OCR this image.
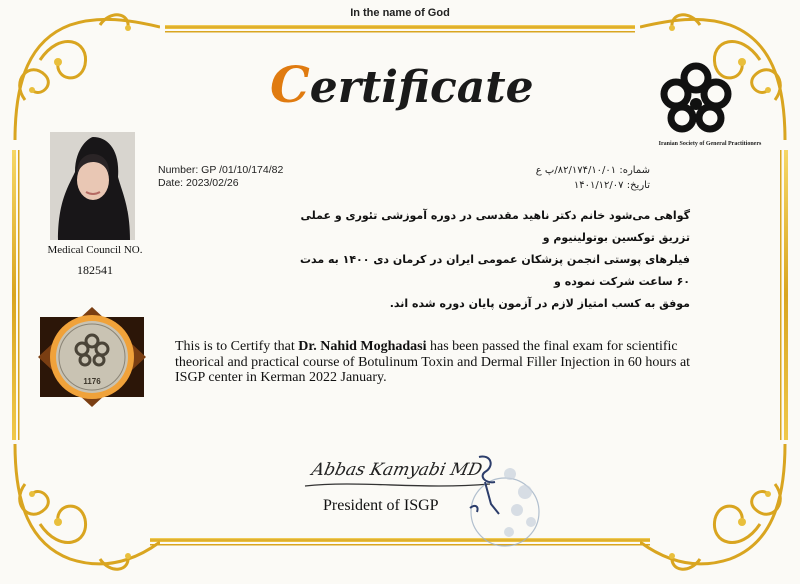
In the name of God
Certificate
Iranian Society of General Practitioners
Medical Council NO.
182541
Number: GP /01/10/174/82
Date: 2023/02/26
شماره: ۸۲/۱۷۴/۱۰/۰۱/پ ع
تاریخ: ۱۴۰۱/۱۲/۰۷
گواهی می‌شود خانم دکتر ناهید مقدسی در دوره آموزشی تئوری و عملی تزریق توکسین بوتولینیوم و
فیلرهای پوستی انجمن پزشکان عمومی ایران در کرمان دی ۱۴۰۰ به مدت ۶۰ ساعت شرکت نموده و
موفق به کسب امتیاز لازم در آزمون پایان دوره شده اند.
1176
This is to Certify that Dr. Nahid Moghadasi has been passed the final exam for scientific theorical and practical course of Botulinum Toxin and Dermal Filler Injection in 60 hours at ISGP center in Kerman 2022 January.
Abbas Kamyabi MD
President of ISGP
